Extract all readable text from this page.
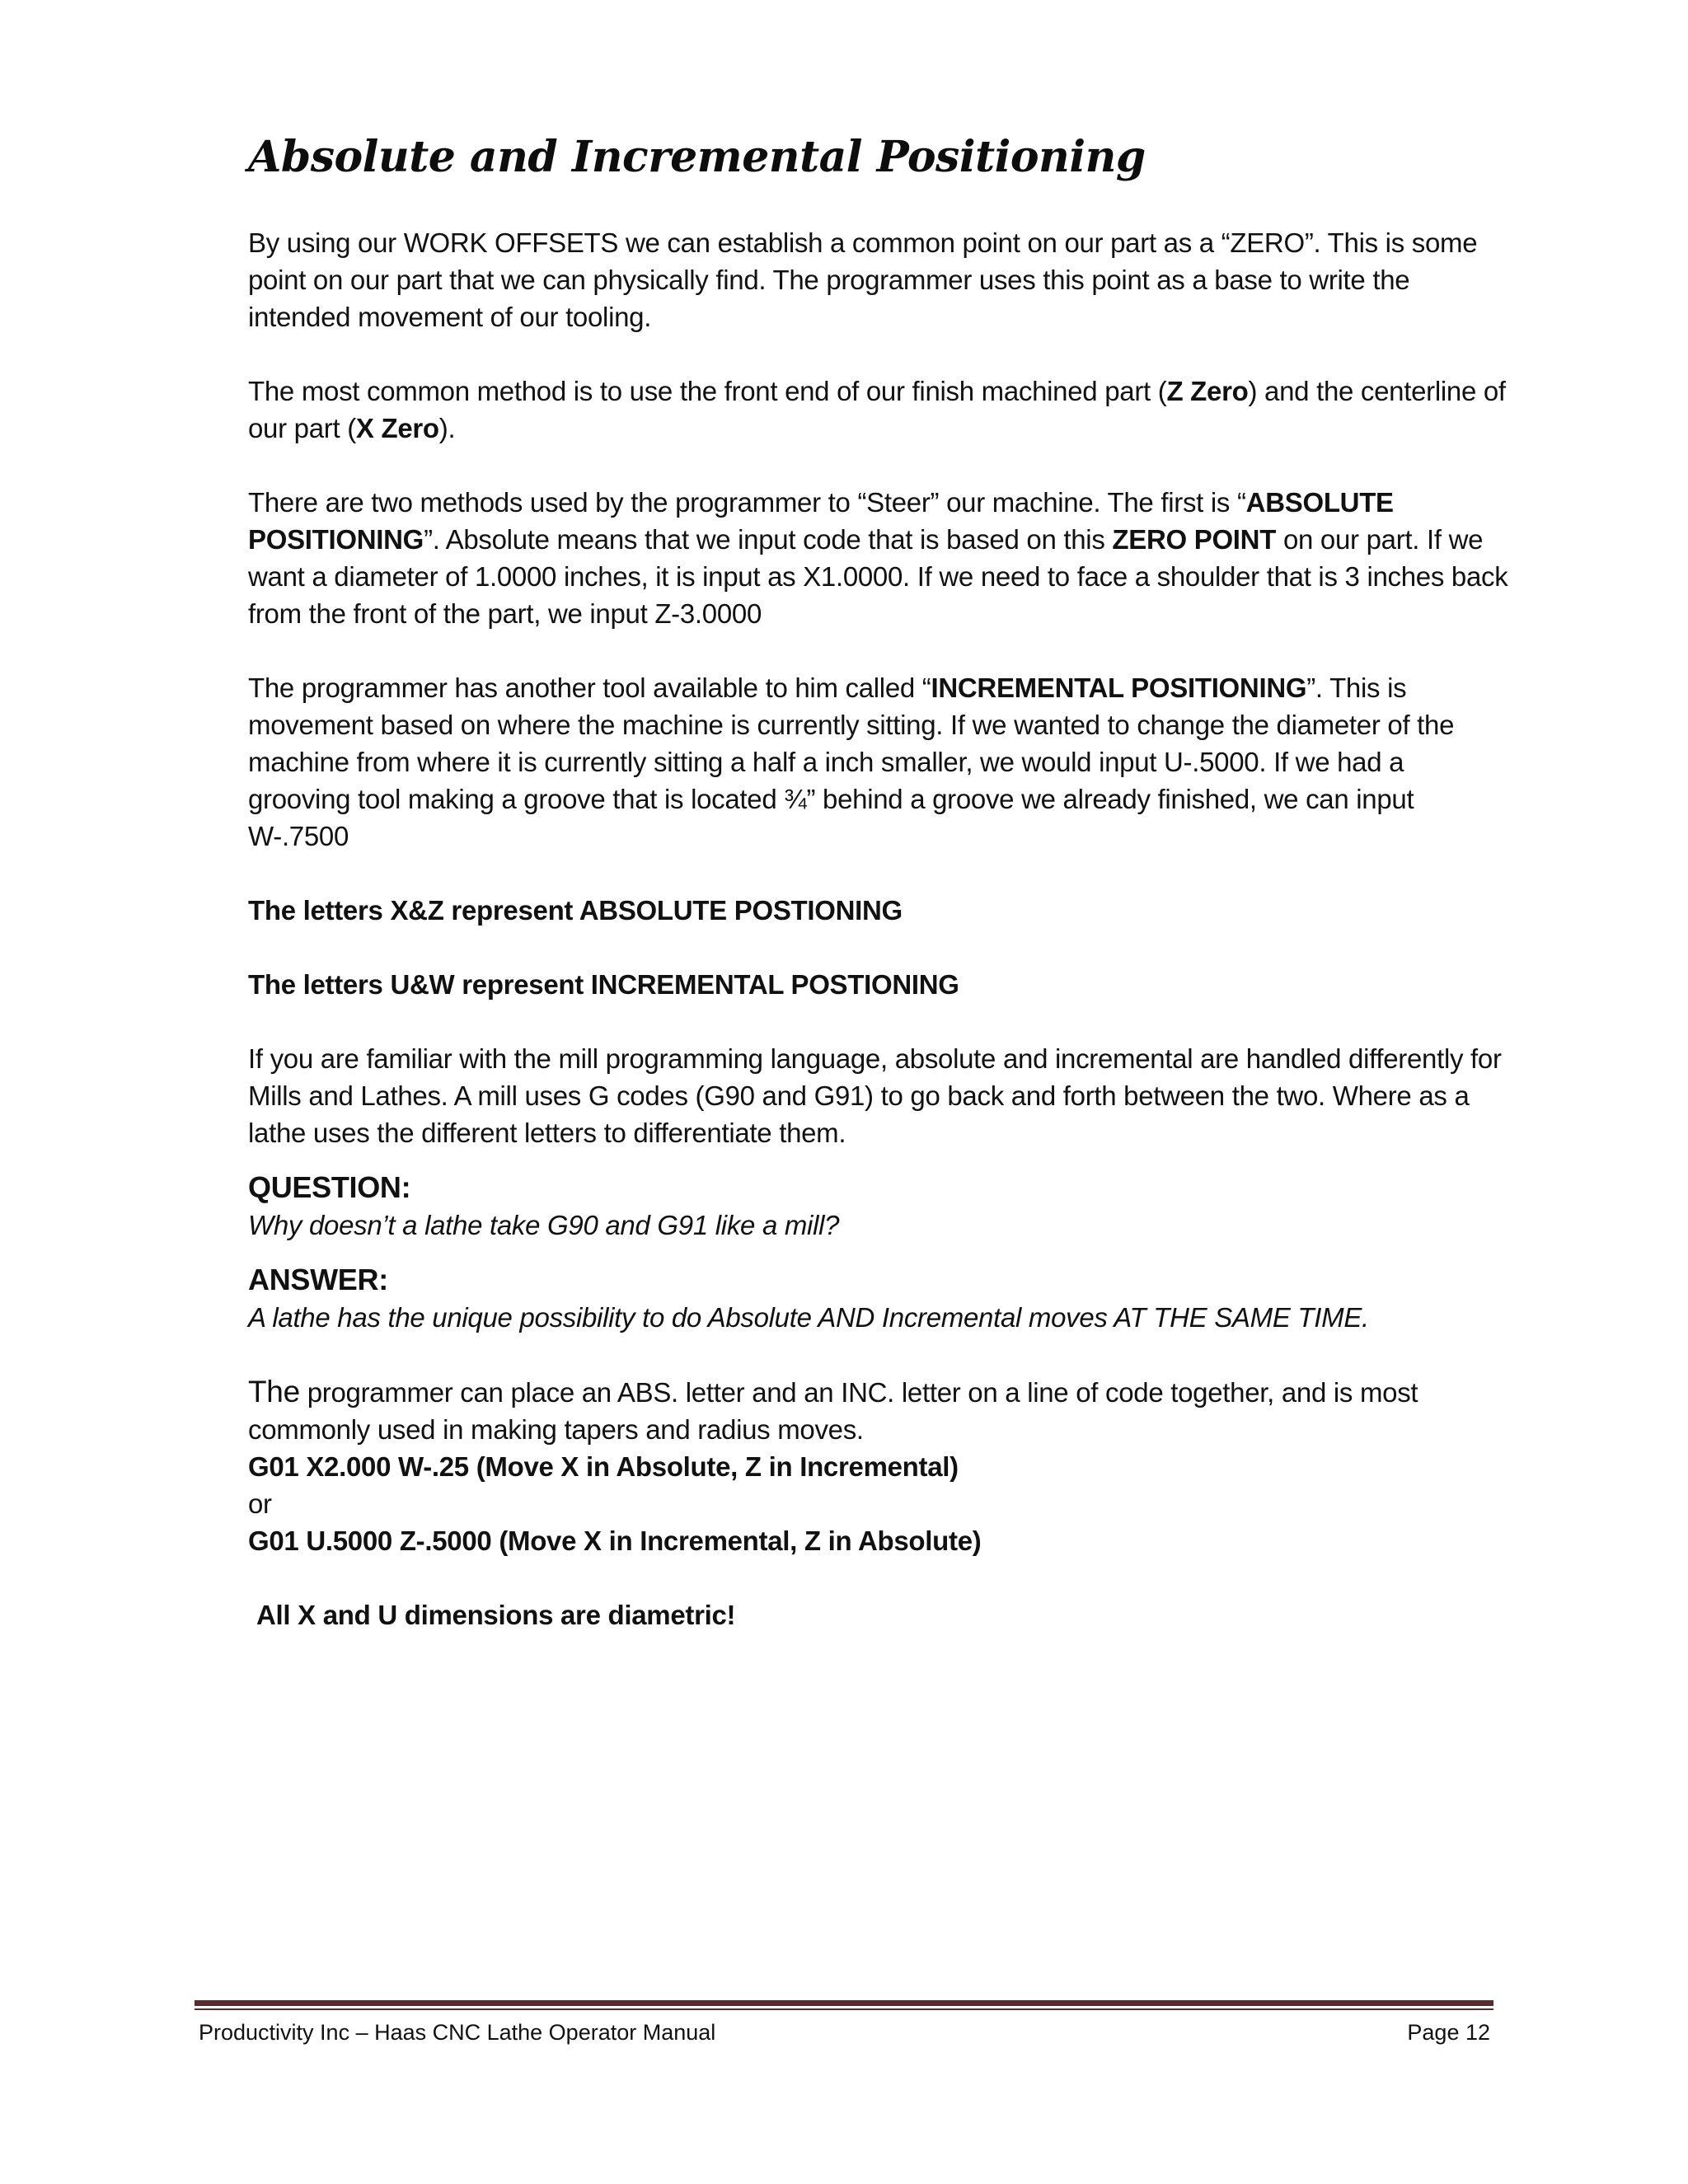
Absolute and Incremental Positioning

By using our WORK OFFSETS we can establish a common point on our part as a “ZERO”. This is some point on our part that we can physically find. The programmer uses this point as a base to write the intended movement of our tooling.

The most common method is to use the front end of our finish machined part (Z Zero) and the centerline of our part (X Zero).

There are two methods used by the programmer to “Steer” our machine. The first is “ABSOLUTE POSITIONING”. Absolute means that we input code that is based on this ZERO POINT on our part. If we want a diameter of 1.0000 inches, it is input as X1.0000. If we need to face a shoulder that is 3 inches back from the front of the part, we input Z-3.0000

The programmer has another tool available to him called “INCREMENTAL POSITIONING”. This is movement based on where the machine is currently sitting. If we wanted to change the diameter of the machine from where it is currently sitting a half a inch smaller, we would input U-.5000. If we had a grooving tool making a groove that is located ¾” behind a groove we already finished, we can input W-.7500

The letters X&Z represent ABSOLUTE POSTIONING

The letters U&W represent INCREMENTAL POSTIONING

If you are familiar with the mill programming language, absolute and incremental are handled differently for Mills and Lathes. A mill uses G codes (G90 and G91) to go back and forth between the two. Where as a lathe uses the different letters to differentiate them.

QUESTION:

Why doesn’t a lathe take G90 and G91 like a mill?

ANSWER:

A lathe has the unique possibility to do Absolute AND Incremental moves AT THE SAME TIME.

The programmer can place an ABS. letter and an INC. letter on a line of code together, and is most commonly used in making tapers and radius moves.

G01 X2.000 W-.25 (Move X in Absolute, Z in Incremental)

or

G01 U.5000 Z-.5000 (Move X in Incremental, Z in Absolute)

All X and U dimensions are diametric!

Productivity Inc – Haas CNC Lathe Operator Manual	Page 12
